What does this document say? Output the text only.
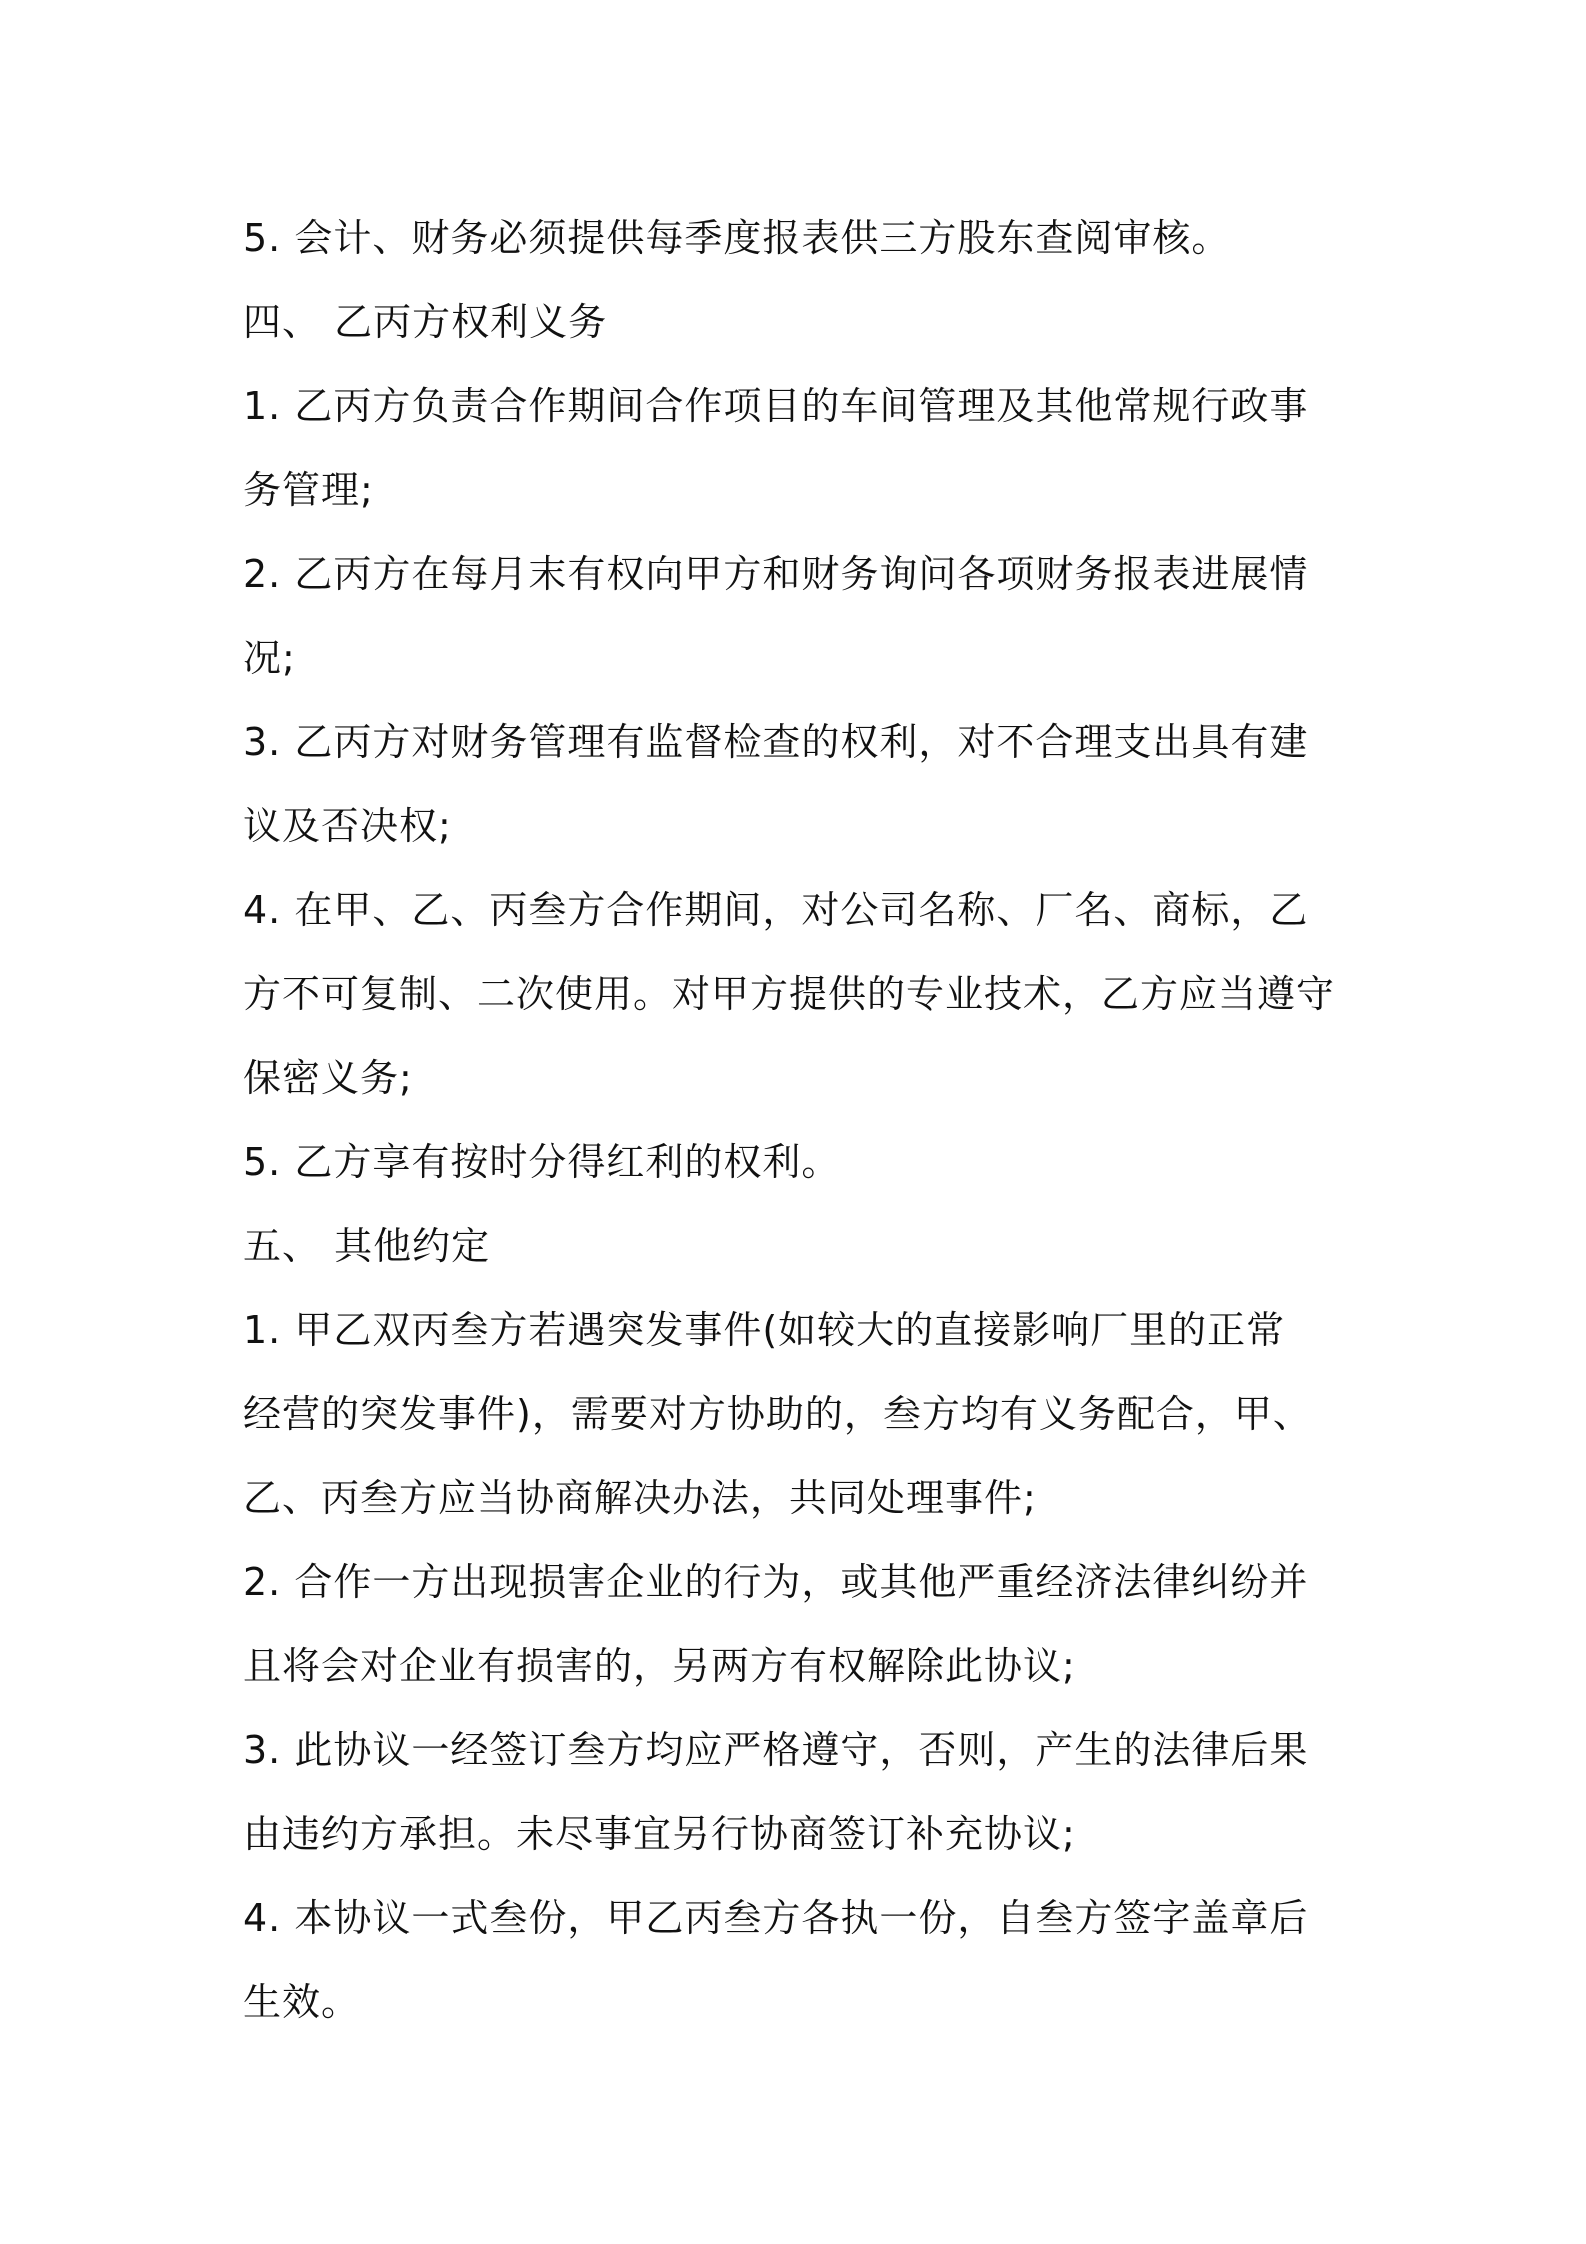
5. 会计、财务必须提供每季度报表供三方股东查阅审核。
四、 乙丙方权利义务
1. 乙丙方负责合作期间合作项目的车间管理及其他常规行政事
务管理;
2. 乙丙方在每月末有权向甲方和财务询问各项财务报表进展情
况;
3. 乙丙方对财务管理有监督检查的权利，对不合理支出具有建
议及否决权;
4. 在甲、乙、丙叁方合作期间，对公司名称、厂名、商标，乙
方不可复制、二次使用。对甲方提供的专业技术，乙方应当遵守
保密义务;
5. 乙方享有按时分得红利的权利。
五、 其他约定
1. 甲乙双丙叁方若遇突发事件(如较大的直接影响厂里的正常
经营的突发事件)，需要对方协助的，叁方均有义务配合，甲、
乙、丙叁方应当协商解决办法，共同处理事件;
2. 合作一方出现损害企业的行为，或其他严重经济法律纠纷并
且将会对企业有损害的，另两方有权解除此协议;
3. 此协议一经签订叁方均应严格遵守，否则，产生的法律后果
由违约方承担。未尽事宜另行协商签订补充协议;
4. 本协议一式叁份，甲乙丙叁方各执一份，自叁方签字盖章后
生效。
